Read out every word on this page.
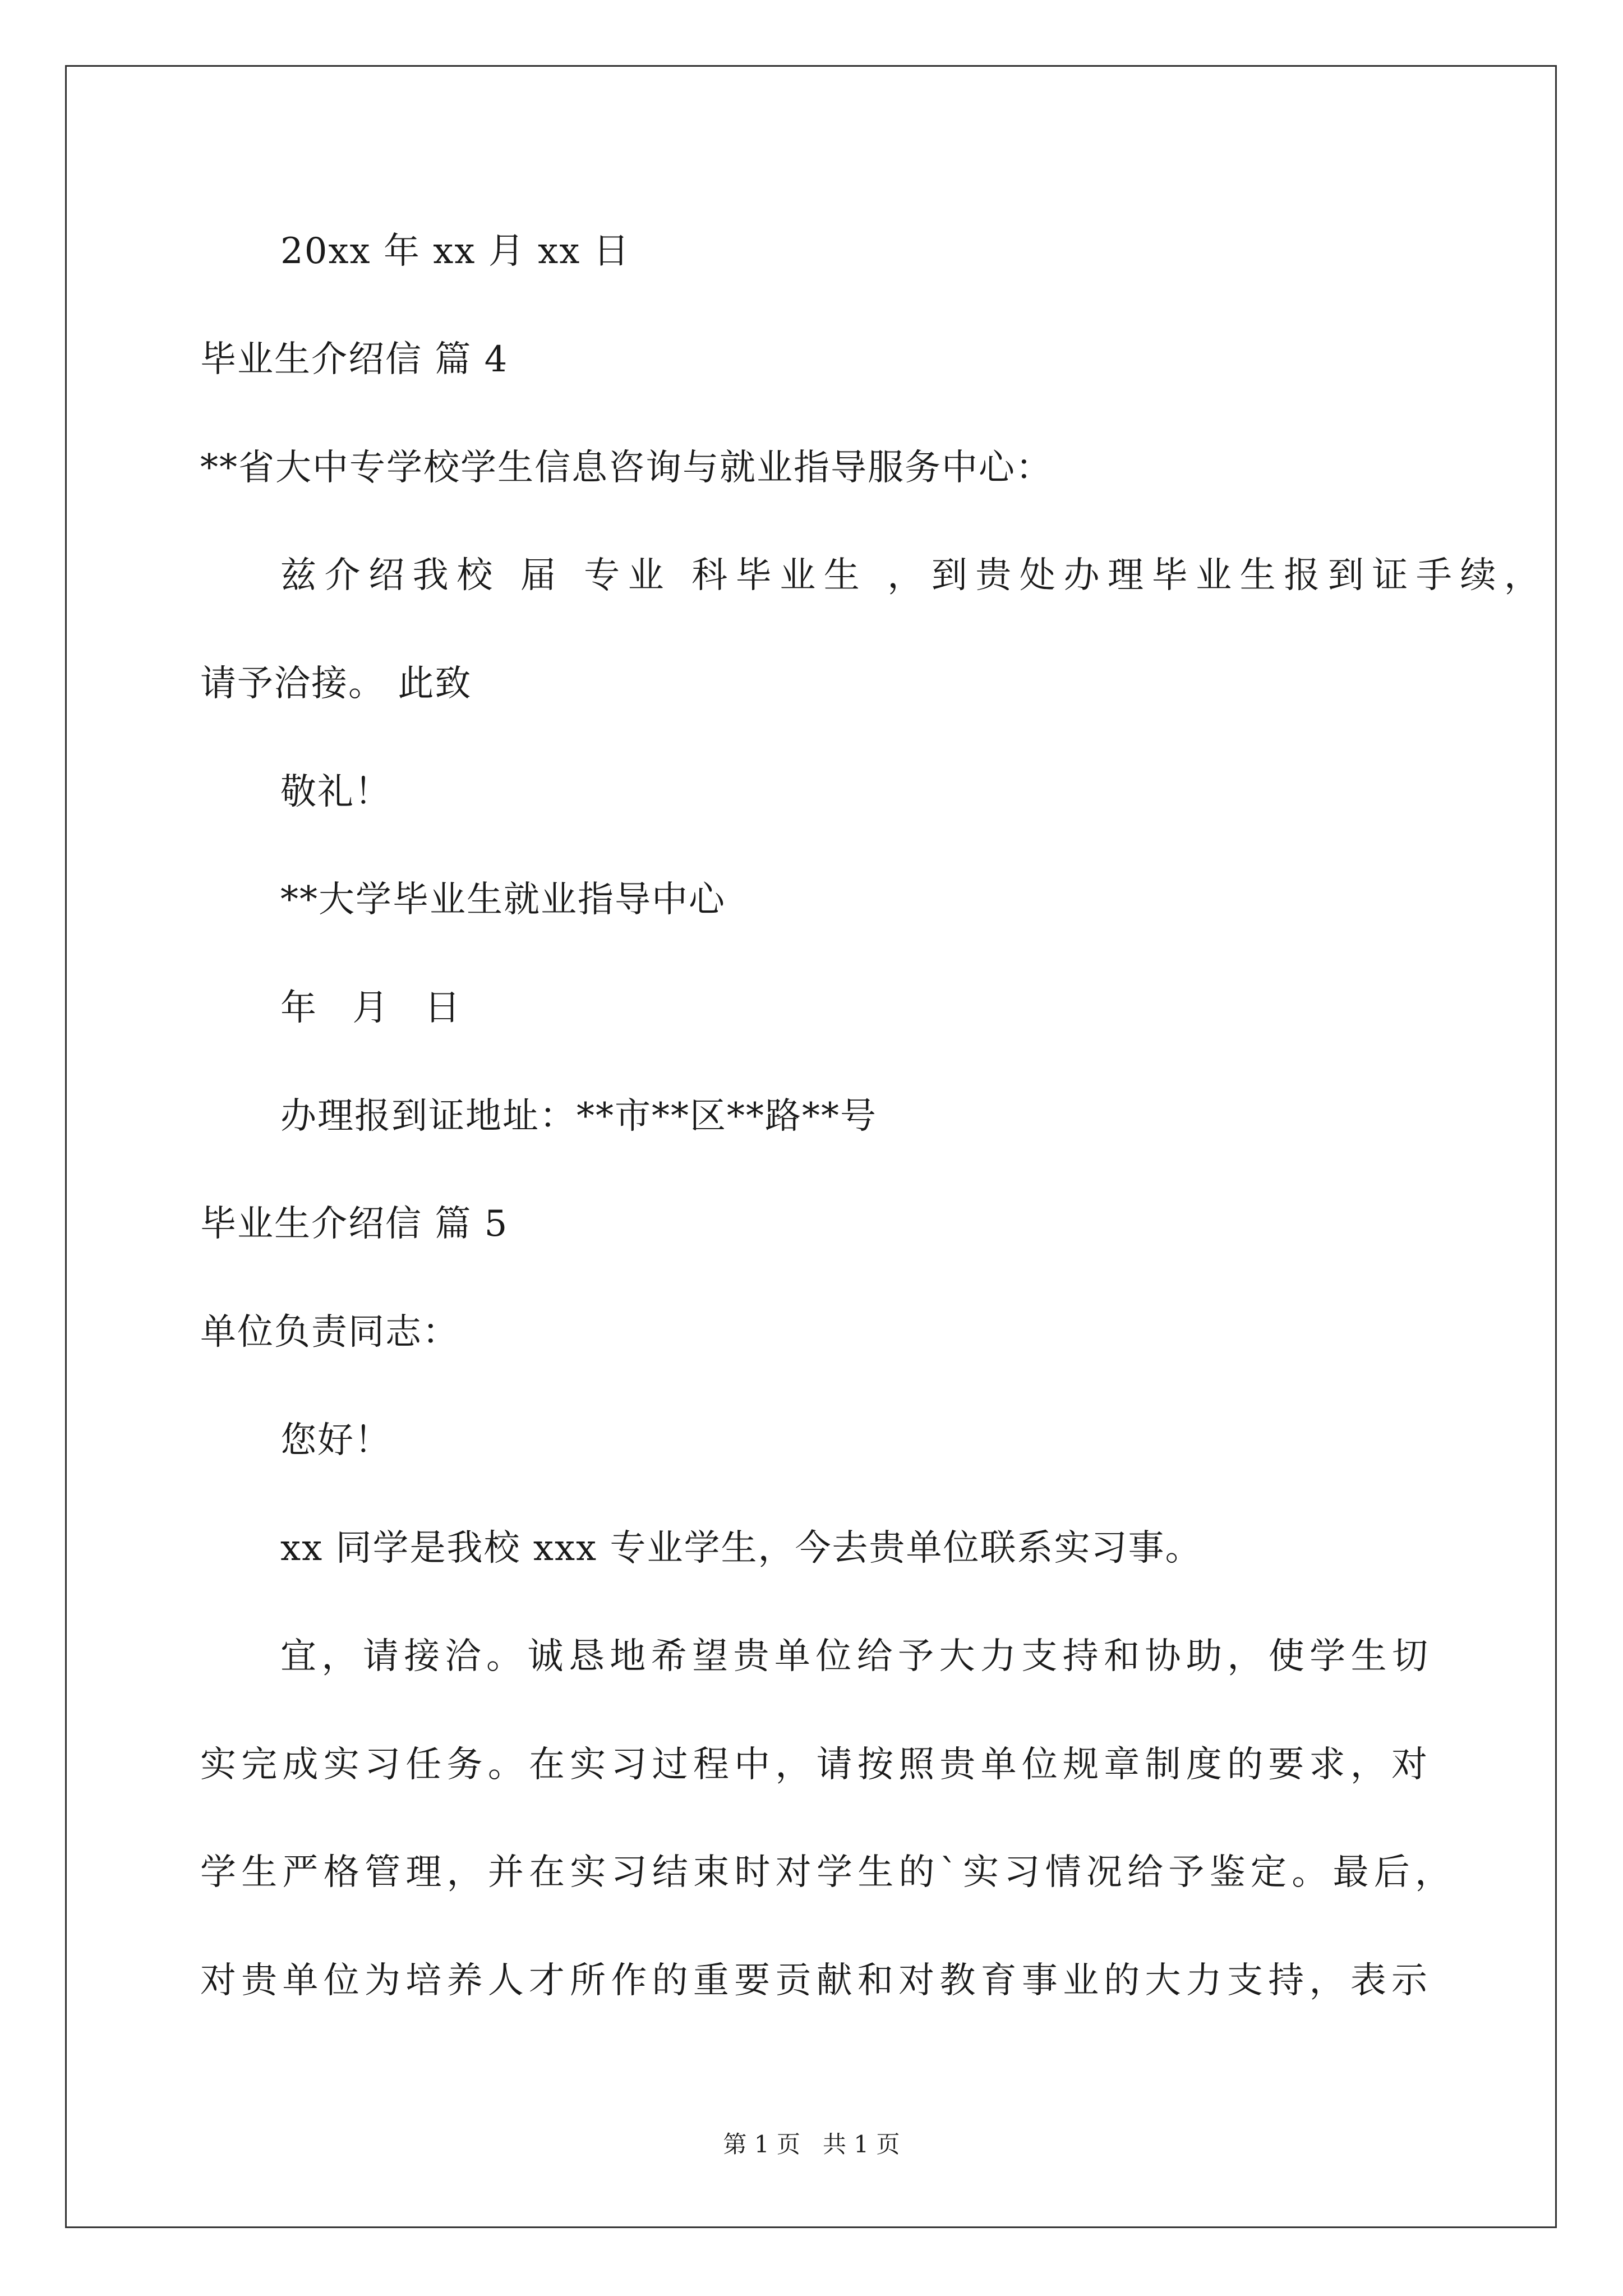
20xx 年 xx 月 xx 日
毕业生介绍信 篇 4
**省大中专学校学生信息咨询与就业指导服务中心：
兹介绍我校 届 专业 科毕业生 ，到贵处办理毕业生报到证手续，
请予洽接。 此致
敬礼！
**大学毕业生就业指导中心
年 月 日
办理报到证地址：**市**区**路**号
毕业生介绍信 篇 5
单位负责同志：
您好！
xx 同学是我校 xxx 专业学生，今去贵单位联系实习事。
宜，请接洽。诚恳地希望贵单位给予大力支持和协助，使学生切
实完成实习任务。在实习过程中，请按照贵单位规章制度的要求，对
学生严格管理，并在实习结束时对学生的`实习情况给予鉴定。最后，
对贵单位为培养人才所作的重要贡献和对教育事业的大力支持，表示
第 1 页   共 1 页
